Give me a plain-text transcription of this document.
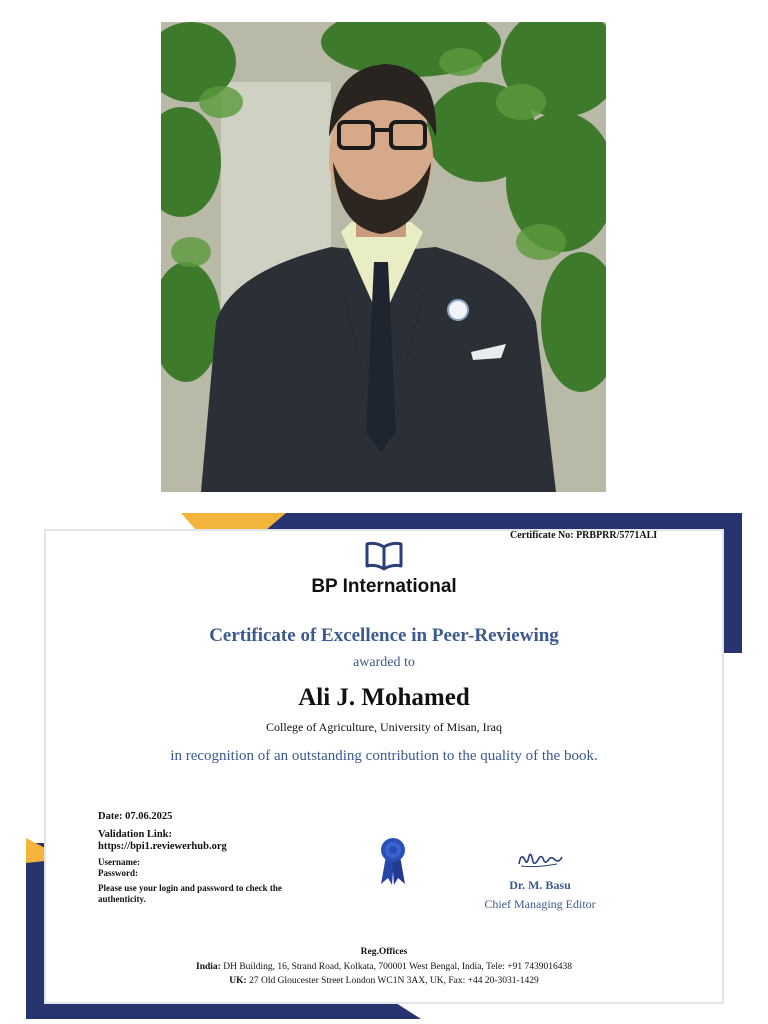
Certificate No: PRBPRR/5771ALI
BP International
Certificate of Excellence in Peer-Reviewing
awarded to
Ali J. Mohamed
College of Agriculture, University of Misan, Iraq
in recognition of an outstanding contribution to the quality of the book.
Date: 07.06.2025
Validation Link:
https://bpi1.reviewerhub.org
Username:
Password:
Please use your login and password to check the authenticity.
Dr. M. Basu
Chief Managing Editor
Reg.Offices
India: DH Building, 16, Strand Road, Kolkata, 700001 West Bengal, India, Tele: +91 7439016438
UK: 27 Old Gloucester Street London WC1N 3AX, UK, Fax: +44 20-3031-1429
